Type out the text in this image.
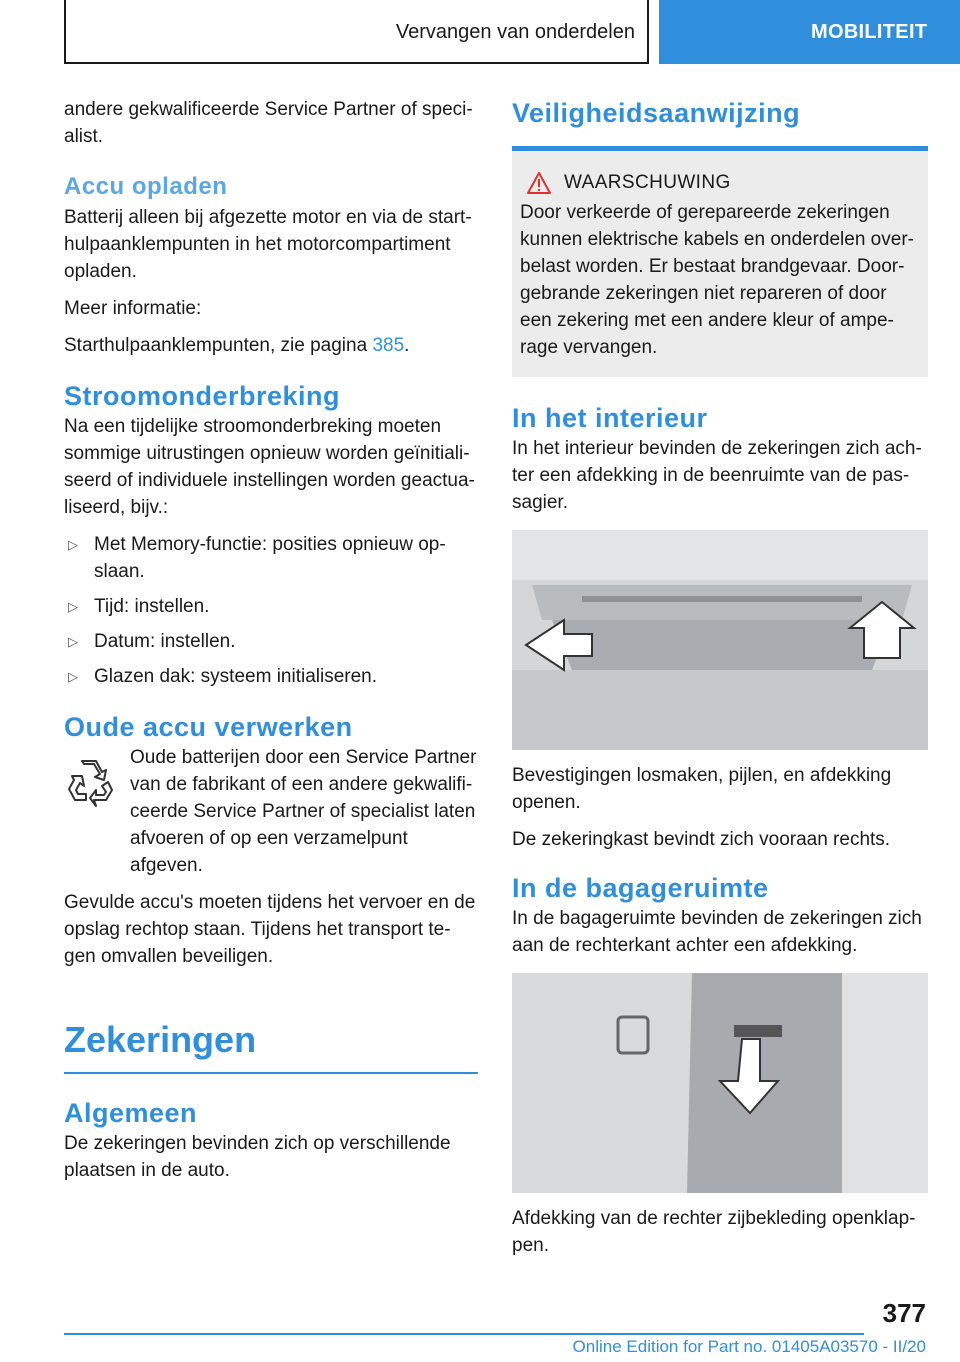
Vervangen van onderdelen	MOBILITEIT

andere gekwalificeerde Service Partner of speci-alist.

Accu opladen

Batterij alleen bij afgezette motor en via de start-hulpaanklempunten in het motorcompartiment opladen.

Meer informatie:

Starthulpaanklempunten, zie pagina 385.

Stroomonderbreking

Na een tijdelijke stroomonderbreking moeten sommige uitrustingen opnieuw worden geïnitiali-seerd of individuele instellingen worden geactua-liseerd, bijv.:

▷ Met Memory-functie: posities opnieuw op-slaan.
▷ Tijd: instellen.
▷ Datum: instellen.
▷ Glazen dak: systeem initialiseren.
Oude accu verwerken

Oude batterijen door een Service Partner van de fabrikant of een andere gekwalifi-ceerde Service Partner of specialist laten afvoeren of op een verzamelpunt afgeven.

Gevulde accu's moeten tijdens het vervoer en de opslag rechtop staan. Tijdens het transport te-gen omvallen beveiligen.

Zekeringen
Algemeen

De zekeringen bevinden zich op verschillende plaatsen in de auto.

Veiligheidsaanwijzing
WAARSCHUWING

Door verkeerde of gerepareerde zekeringen kunnen elektrische kabels en onderdelen over-belast worden. Er bestaat brandgevaar. Door-gebrande zekeringen niet repareren of door een zekering met een andere kleur of ampe-rage vervangen.

In het interieur

In het interieur bevinden de zekeringen zich ach-ter een afdekking in de beenruimte van de pas-sagier.

Bevestigingen losmaken, pijlen, en afdekking openen.

De zekeringkast bevindt zich vooraan rechts.

In de bagageruimte

In de bagageruimte bevinden de zekeringen zich aan de rechterkant achter een afdekking.

Afdekking van de rechter zijbekleding openklap-pen.

377
Online Edition for Part no. 01405A03570 - II/20
